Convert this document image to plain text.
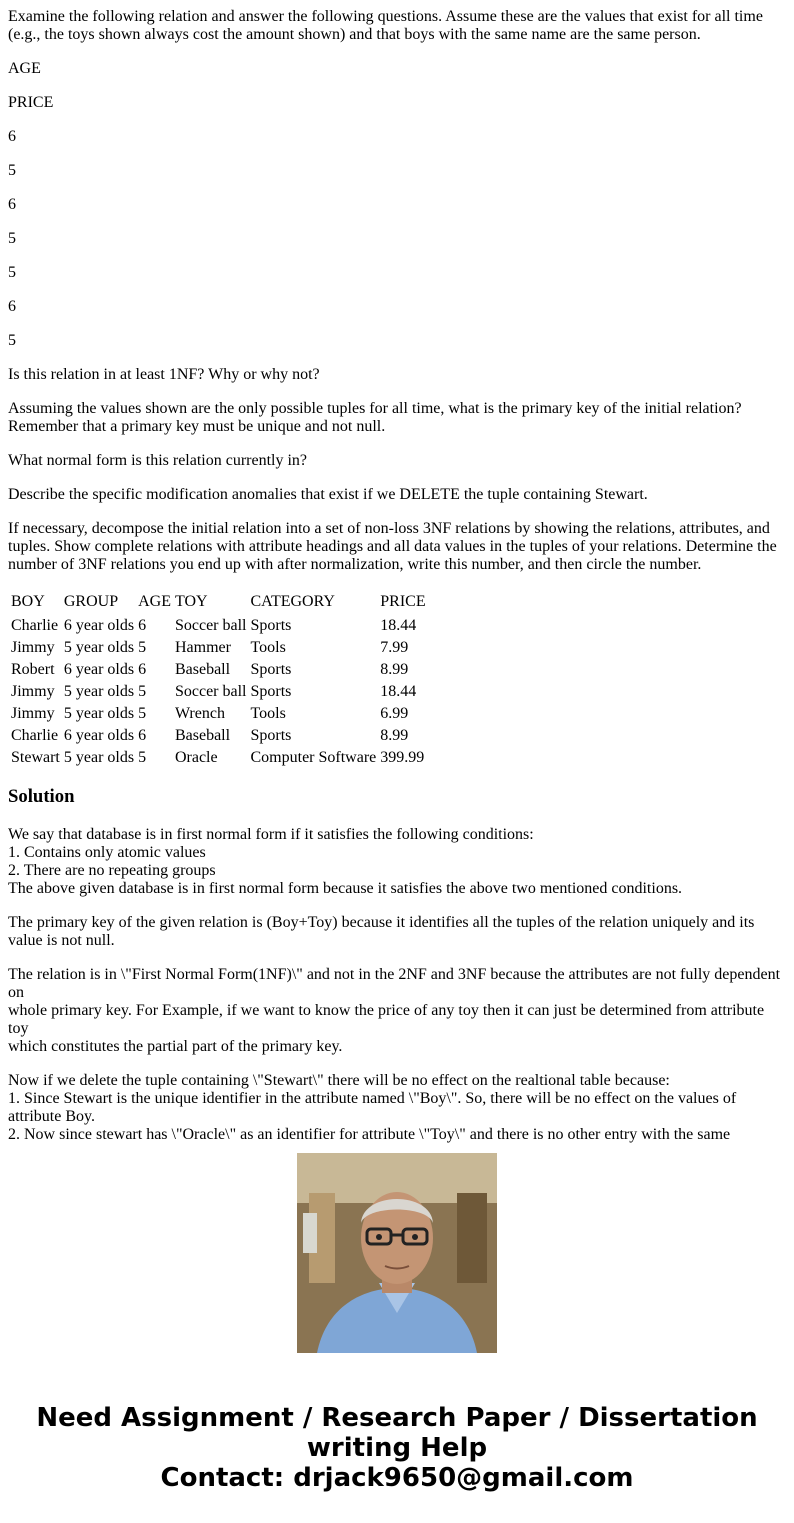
Examine the following relation and answer the following questions. Assume these are the values that exist for all time (e.g., the toys shown always cost the amount shown) and that boys with the same name are the same person.

AGE

PRICE

6

5

6

5

5

6

5

Is this relation in at least 1NF? Why or why not?

Assuming the values shown are the only possible tuples for all time, what is the primary key of the initial relation? Remember that a primary key must be unique and not null.

What normal form is this relation currently in?

Describe the specific modification anomalies that exist if we DELETE the tuple containing Stewart.

If necessary, decompose the initial relation into a set of non-loss 3NF relations by showing the relations, attributes, and tuples. Show complete relations with attribute headings and all data values in the tuples of your relations. Determine the number of 3NF relations you end up with after normalization, write this number, and then circle the number.

BOY	GROUP	AGE	TOY	CATEGORY	PRICE
Charlie	6 year olds	6	Soccer ball	Sports	18.44
Jimmy	5 year olds	5	Hammer	Tools	7.99
Robert	6 year olds	6	Baseball	Sports	8.99
Jimmy	5 year olds	5	Soccer ball	Sports	18.44
Jimmy	5 year olds	5	Wrench	Tools	6.99
Charlie	6 year olds	6	Baseball	Sports	8.99
Stewart	5 year olds	5	Oracle	Computer Software	399.99
Solution

We say that database is in first normal form if it satisfies the following conditions:
1. Contains only atomic values
2. There are no repeating groups
The above given database is in first normal form because it satisfies the above two mentioned conditions.

The primary key of the given relation is (Boy+Toy) because it identifies all the tuples of the relation uniquely and its value is not null.

The relation is in \"First Normal Form(1NF)\" and not in the 2NF and 3NF because the attributes are not fully dependent on
whole primary key. For Example, if we want to know the price of any toy then it can just be determined from attribute toy
which constitutes the partial part of the primary key.

Now if we delete the tuple containing \"Stewart\" there will be no effect on the realtional table because:
1. Since Stewart is the unique identifier in the attribute named \"Boy\". So, there will be no effect on the values of attribute Boy.
2. Now since stewart has \"Oracle\" as an identifier for attribute \"Toy\" and there is no other entry with the same

Need Assignment / Research Paper / Dissertation writing Help
Contact: drjack9650@gmail.com
